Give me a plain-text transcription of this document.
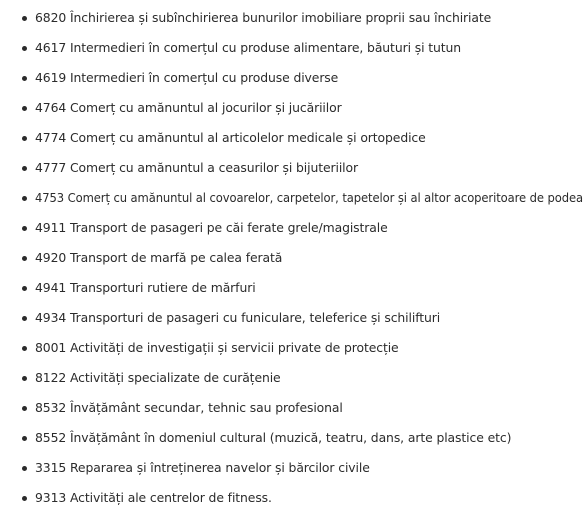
6820 Închirierea și subînchirierea bunurilor imobiliare proprii sau închiriate
4617 Intermedieri în comerțul cu produse alimentare, băuturi și tutun
4619 Intermedieri în comerțul cu produse diverse
4764 Comerț cu amănuntul al jocurilor și jucăriilor
4774 Comerț cu amănuntul al articolelor medicale și ortopedice
4777 Comerț cu amănuntul a ceasurilor și bijuteriilor
4753 Comerț cu amănuntul al covoarelor, carpetelor, tapetelor și al altor acoperitoare de podea
4911 Transport de pasageri pe căi ferate grele/magistrale
4920 Transport de marfă pe calea ferată
4941 Transporturi rutiere de mărfuri
4934 Transporturi de pasageri cu funiculare, teleferice și schilifturi
8001 Activități de investigații și servicii private de protecție
8122 Activități specializate de curățenie
8532 Învățământ secundar, tehnic sau profesional
8552 Învățământ în domeniul cultural (muzică, teatru, dans, arte plastice etc)
3315 Repararea și întreținerea navelor și bărcilor civile
9313 Activități ale centrelor de fitness.
